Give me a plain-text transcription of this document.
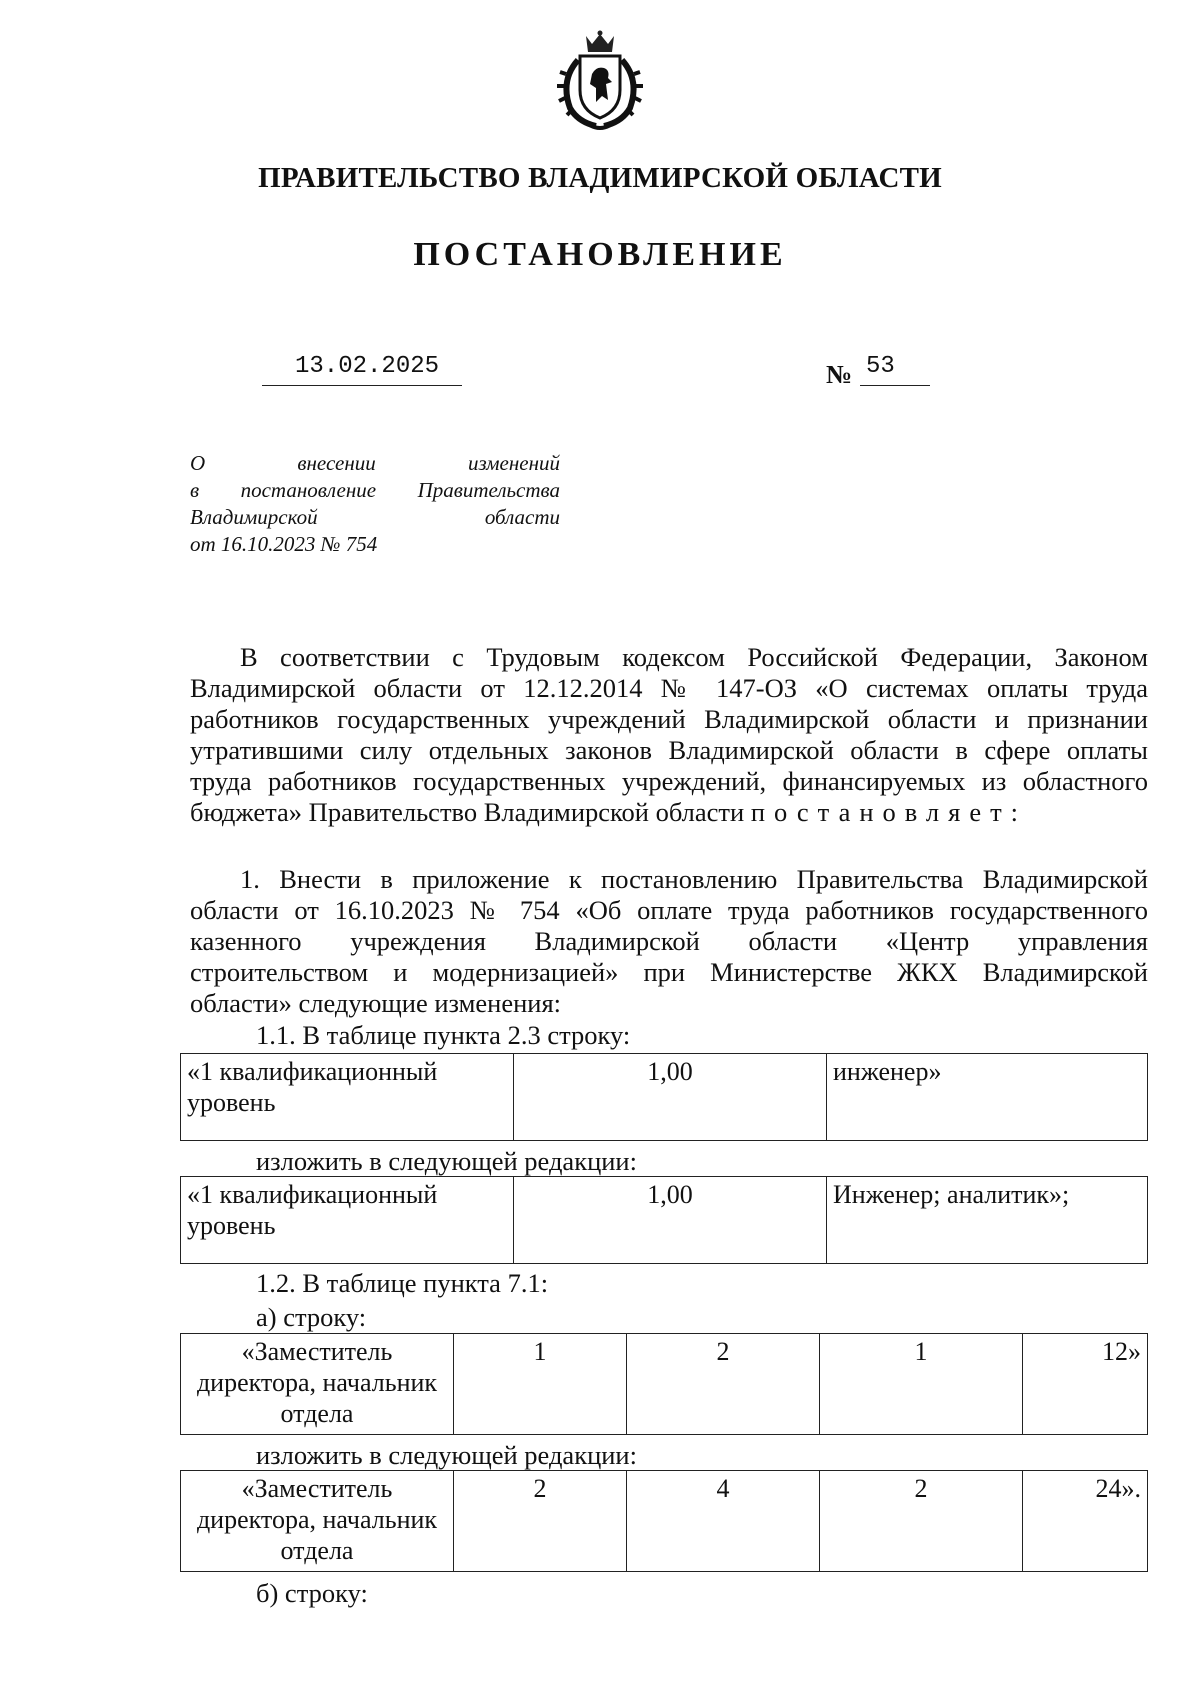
ПРАВИТЕЛЬСТВО ВЛАДИМИРСКОЙ ОБЛАСТИ
ПОСТАНОВЛЕНИЕ
13.02.2025	№ 53
О внесении изменений
в постановление Правительства
Владимирской области
от 16.10.2023 № 754
В соответствии с Трудовым кодексом Российской Федерации, Законом
Владимирской области от 12.12.2014 № 147-ОЗ «О системах оплаты труда
работников государственных учреждений Владимирской области и признании
утратившими силу отдельных законов Владимирской области в сфере оплаты
труда работников государственных учреждений, финансируемых из областного
бюджета» Правительство Владимирской области постановляет:
1. Внести в приложение к постановлению Правительства Владимирской
области от 16.10.2023 № 754 «Об оплате труда работников государственного
казенного учреждения Владимирской области «Центр управления
строительством и модернизацией» при Министерстве ЖКХ Владимирской
области» следующие изменения:
1.1. В таблице пункта 2.3 строку:
«1 квалификационный уровень	1,00	инженер»
изложить в следующей редакции:
«1 квалификационный уровень	1,00	Инженер; аналитик»;
1.2. В таблице пункта 7.1:
а) строку:
«Заместитель директора, начальник отдела	1	2	1	12»
изложить в следующей редакции:
«Заместитель директора, начальник отдела	2	4	2	24».
б) строку:
